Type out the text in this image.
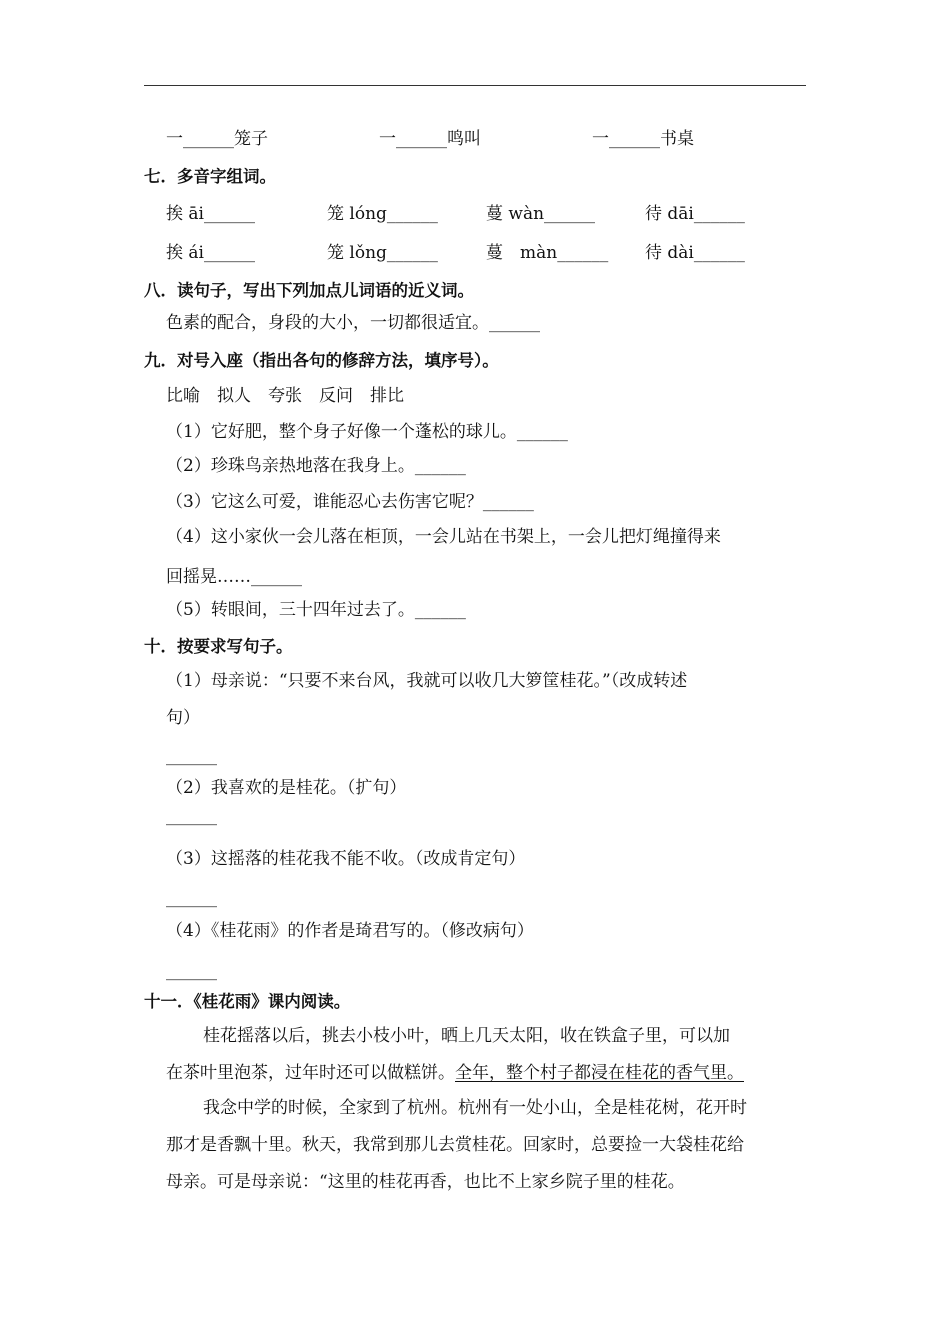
一______笼子	一______鸣叫	一______书桌
七．多音字组词。
挨 āi______	笼 lóng______	蔓 wàn______	待 dāi______
挨 ái______	笼 lǒng______	蔓　màn______ 待 dài______
八．读句子，写出下列加点儿词语的近义词。
色素的配合，身段的大小，一切都很适宜。______
九．对号入座（指出各句的修辞方法，填序号）。
比喻　拟人　夸张　反问　排比
（1）它好肥，整个身子好像一个蓬松的球儿。______
（2）珍珠鸟亲热地落在我身上。______
（3）它这么可爱，谁能忍心去伤害它呢？______
（4）这小家伙一会儿落在柜顶，一会儿站在书架上，一会儿把灯绳撞得来
回摇晃……______
（5）转眼间，三十四年过去了。______
十．按要求写句子。
（1）母亲说：“只要不来台风，我就可以收几大箩筐桂花。”（改成转述
句）
______
（2）我喜欢的是桂花。（扩句）
______
（3）这摇落的桂花我不能不收。（改成肯定句）
______
（4）《桂花雨》的作者是琦君写的。（修改病句）
______
十一．《桂花雨》课内阅读。
桂花摇落以后，挑去小枝小叶，晒上几天太阳，收在铁盒子里，可以加
在茶叶里泡茶，过年时还可以做糕饼。全年，整个村子都浸在桂花的香气里。
我念中学的时候，全家到了杭州。杭州有一处小山，全是桂花树，花开时
那才是香飘十里。秋天，我常到那儿去赏桂花。回家时，总要捡一大袋桂花给
母亲。可是母亲说：“这里的桂花再香，也比不上家乡院子里的桂花。
